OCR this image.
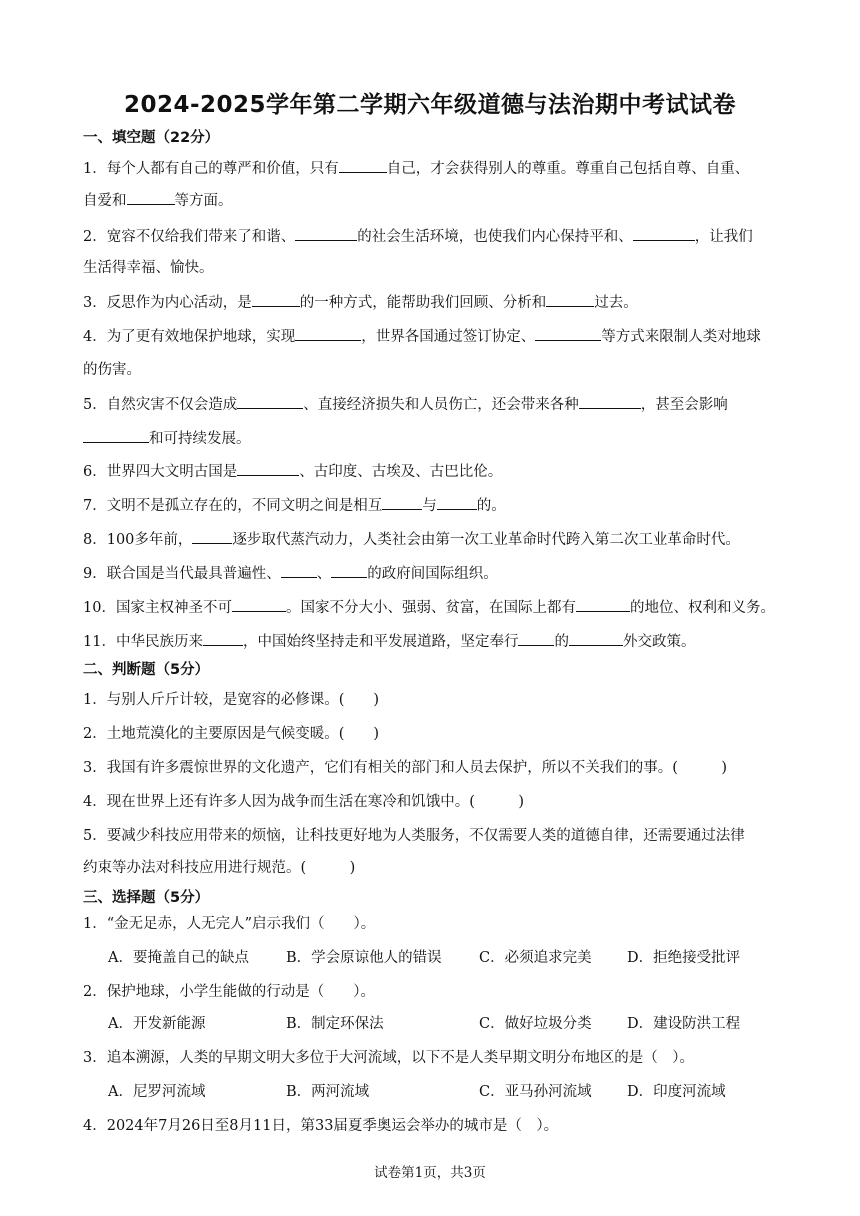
2024-2025学年第二学期六年级道德与法治期中考试试卷
一、填空题（22分）
1．每个人都有自己的尊严和价值，只有	自己，才会获得别人的尊重。尊重自己包括自尊、自重、
自爱和	等方面。
2．宽容不仅给我们带来了和谐、	的社会生活环境，也使我们内心保持平和、	，让我们
生活得幸福、愉快。
3．反思作为内心活动，是	的一种方式，能帮助我们回顾、分析和	过去。
4．为了更有效地保护地球，实现	，世界各国通过签订协定、	等方式来限制人类对地球
的伤害。
5．自然灾害不仅会造成	、直接经济损失和人员伤亡，还会带来各种	，甚至会影响
和可持续发展。
6．世界四大文明古国是	、古印度、古埃及、古巴比伦。
7．文明不是孤立存在的，不同文明之间是相互	与	的。
8．100多年前，	逐步取代蒸汽动力，人类社会由第一次工业革命时代跨入第二次工业革命时代。
9．联合国是当代最具普遍性、 、 的政府间国际组织。
10．国家主权神圣不可	。国家不分大小、强弱、贫富，在国际上都有	的地位、权利和义务。
11．中华民族历来	，中国始终坚持走和平发展道路，坚定奉行 的	外交政策。
二、判断题（5分）
1．与别人斤斤计较，是宽容的必修课。(　　)
2．土地荒漠化的主要原因是气候变暖。(　　)
3．我国有许多震惊世界的文化遗产，它们有相关的部门和人员去保护，所以不关我们的事。(　　　)
4．现在世界上还有许多人因为战争而生活在寒冷和饥饿中。(　　　)
5．要减少科技应用带来的烦恼，让科技更好地为人类服务，不仅需要人类的道德自律，还需要通过法律
约束等办法对科技应用进行规范。(　　　)
三、选择题（5分）
1．“金无足赤，人无完人”启示我们（　　）。
A．要掩盖自己的缺点	B．学会原谅他人的错误	C．必须追求完美 D．拒绝接受批评
2．保护地球，小学生能做的行动是（　　）。
A．开发新能源	B．制定环保法	C．做好垃圾分类 D．建设防洪工程
3．追本溯源，人类的早期文明大多位于大河流域，以下不是人类早期文明分布地区的是（　）。
A．尼罗河流域	B．两河流域	C．亚马孙河流域 D．印度河流域
4．2024年7月26日至8月11日，第33届夏季奥运会举办的城市是（　）。
试卷第1页，共3页
